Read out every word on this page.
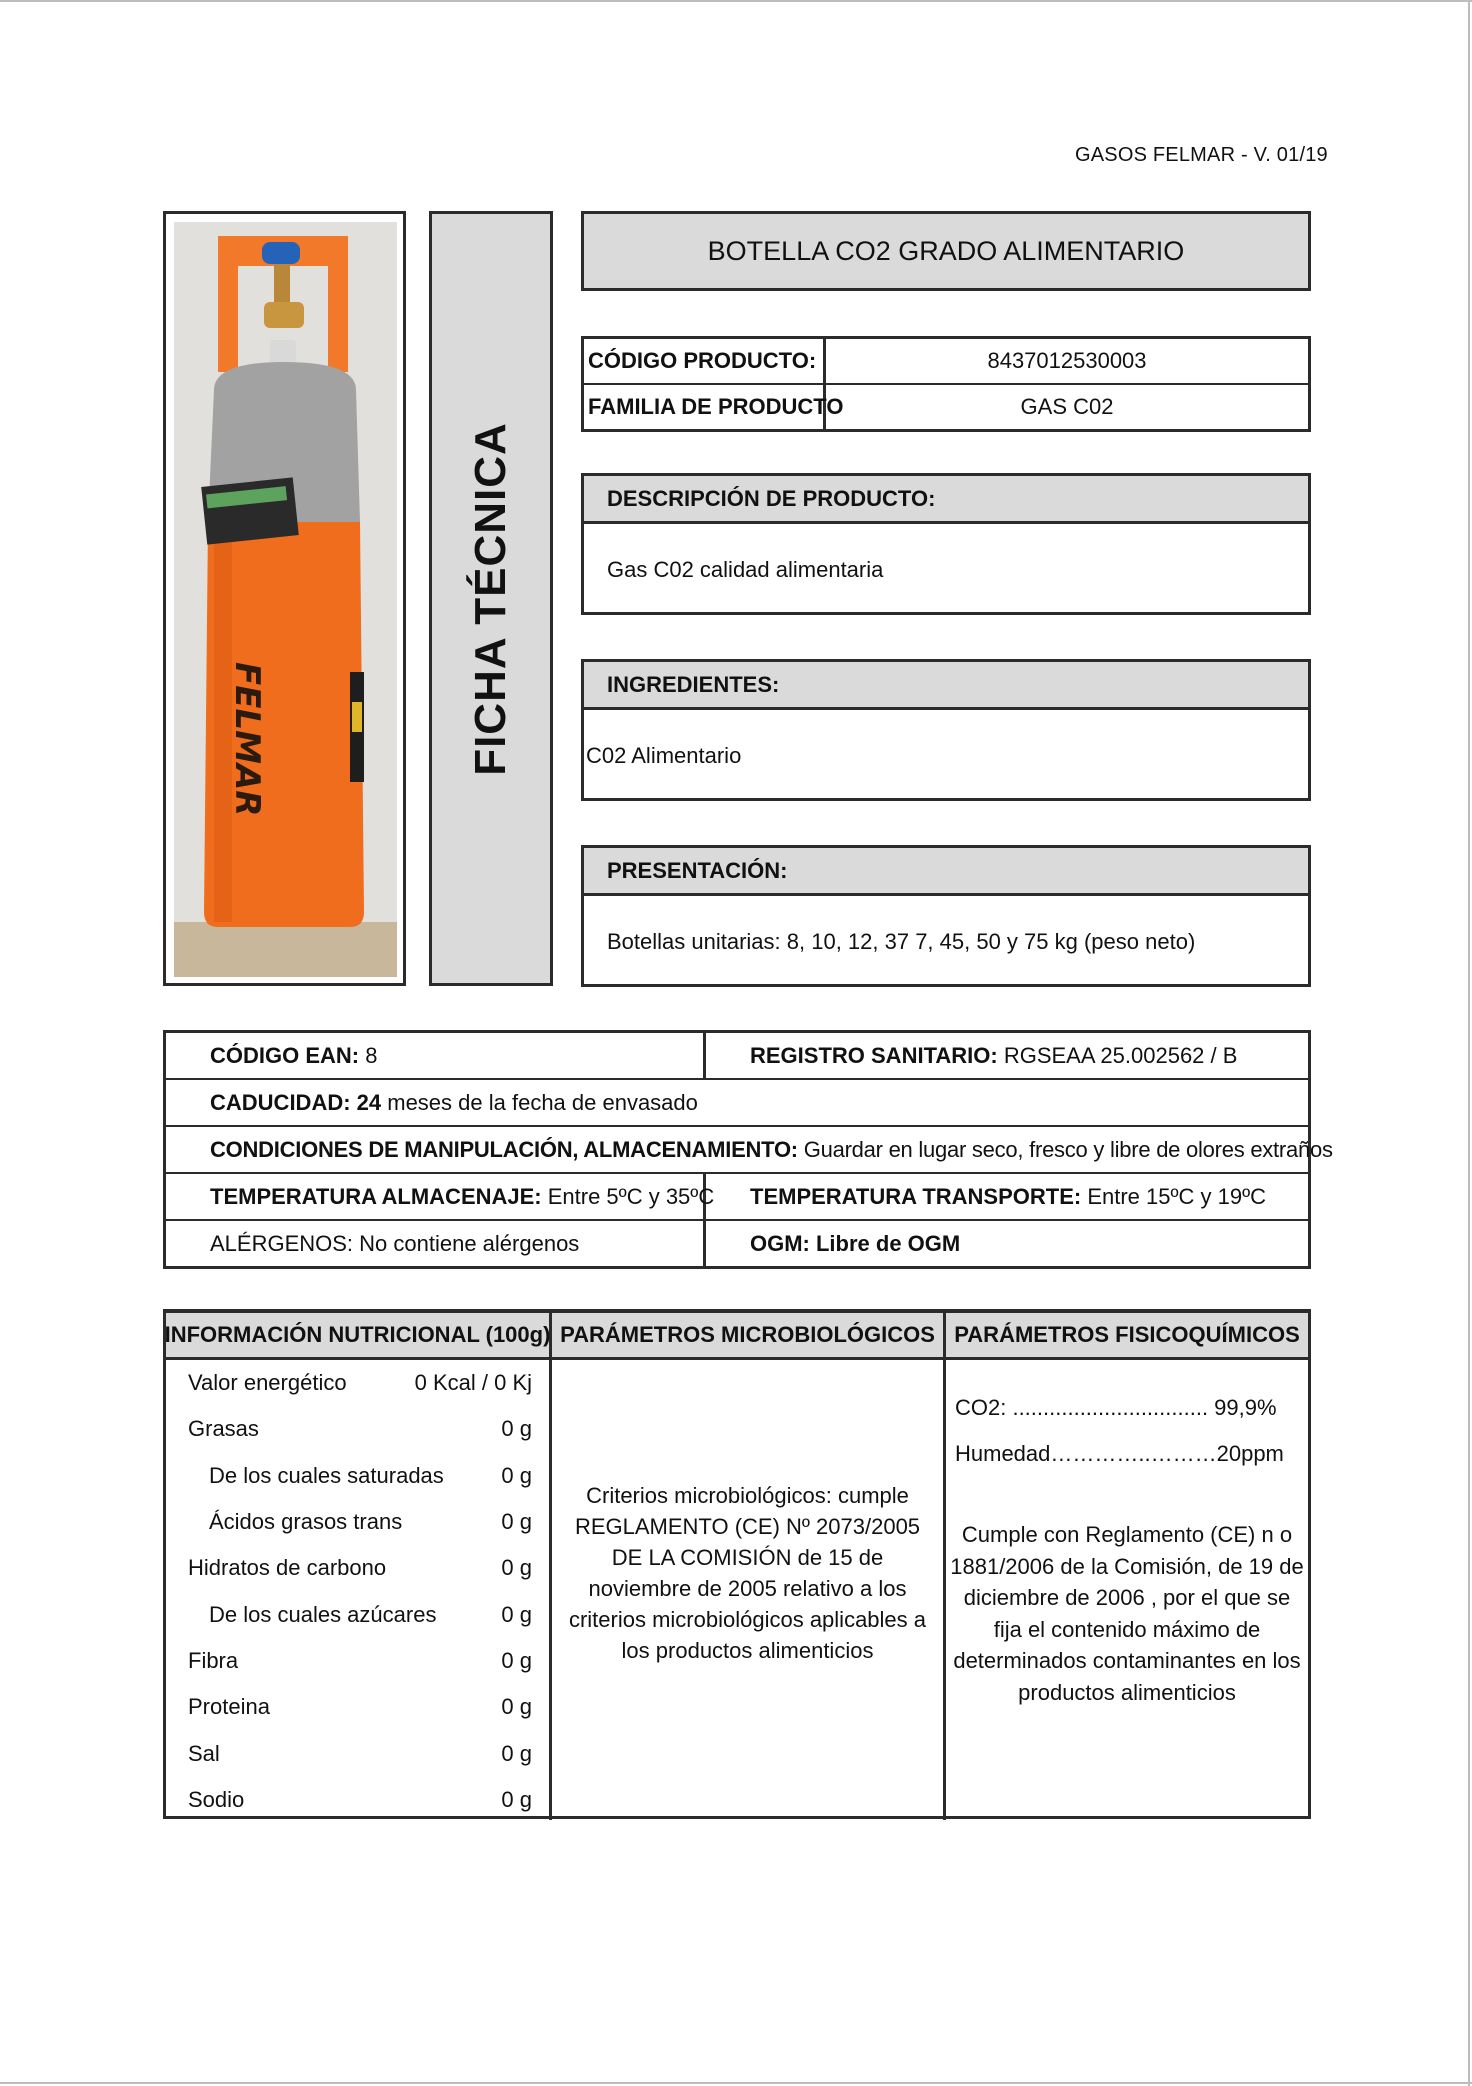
GASOS FELMAR - V. 01/19
FELMAR	FICHA TÉCNICA
BOTELLA CO2 GRADO ALIMENTARIO
CÓDIGO PRODUCTO:	8437012530003
FAMILIA DE PRODUCTO	GAS C02
DESCRIPCIÓN DE PRODUCTO:
Gas C02 calidad alimentaria
INGREDIENTES:
C02 Alimentario
PRESENTACIÓN:
Botellas unitarias: 8, 10, 12, 37 7, 45, 50 y 75 kg (peso neto)
CÓDIGO EAN: 8	REGISTRO SANITARIO: RGSEAA 25.002562 / B
CADUCIDAD: 24 meses de la fecha de envasado
CONDICIONES DE MANIPULACIÓN, ALMACENAMIENTO: Guardar en lugar seco, fresco y libre de olores extraños
TEMPERATURA ALMACENAJE: Entre 5ºC y 35ºC TEMPERATURA TRANSPORTE: Entre 15ºC y 19ºC
ALÉRGENOS: No contiene alérgenos	OGM: Libre de OGM
INFORMACIÓN NUTRICIONAL (100g) PARÁMETROS MICROBIOLÓGICOS PARÁMETROS FISICOQUÍMICOS
Valor energético	0 Kcal / 0 Kj
Grasas	0 g
De los cuales saturadas	0 g
Ácidos grasos trans	0 g
Hidratos de carbono	0 g
De los cuales azúcares	0 g
Fibra	0 g
Proteina	0 g
Sal	0 g
Sodio	0 g
Criterios microbiológicos: cumple REGLAMENTO (CE) Nº 2073/2005 DE LA COMISIÓN de 15 de noviembre de 2005 relativo a los criterios microbiológicos aplicables a los productos alimenticios
CO2: ................................ 99,9%
Humedad…………..………20ppm
Cumple con Reglamento (CE) n o 1881/2006 de la Comisión, de 19 de diciembre de 2006 , por el que se fija el contenido máximo de determinados contaminantes en los productos alimenticios
